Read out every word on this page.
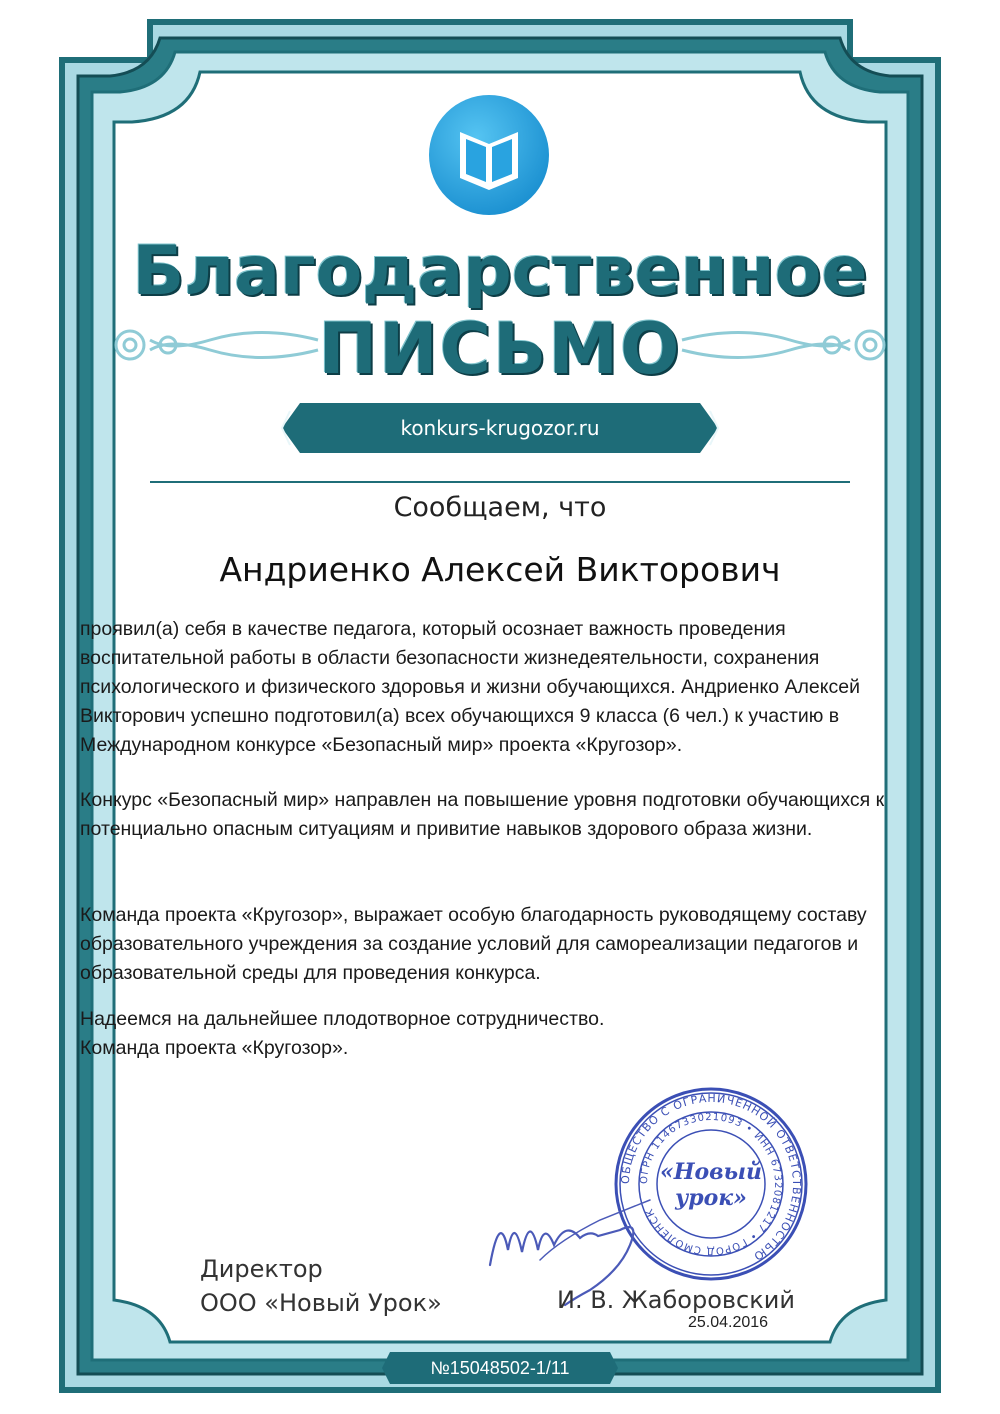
Благодарственное
ПИСЬМО
konkurs-krugozor.ru
Сообщаем, что
Андриенко Алексей Викторович

проявил(а) себя в качестве педагога, который осознает важность проведения воспитательной работы в области безопасности жизнедеятельности, сохранения психологического и физического здоровья и жизни обучающихся. Андриенко Алексей Викторович успешно подготовил(а) всех обучающихся 9 класса (6 чел.) к участию в Международном конкурсе «Безопасный мир» проекта «Кругозор».

Конкурс «Безопасный мир» направлен на повышение уровня подготовки обучающихся к потенциально опасным ситуациям и привитие навыков здорового образа жизни.

Команда проекта «Кругозор», выражает особую благодарность руководящему составу образовательного учреждения за создание условий для самореализации педагогов и образовательной среды для проведения конкурса.

Надеемся на дальнейшее плодотворное сотрудничество.
Команда проекта «Кругозор».
ОБЩЕСТВО С ОГРАНИЧЕННОЙ ОТВЕТСТВЕННОСТЬЮ
ОГРН 1146733021093 • ИНН 6732081217 • ГОРОД СМОЛЕНСК
«Новый
урок»
Директор
ООО «Новый Урок»	И. В. Жаборовский
25.04.2016
№15048502-1/11
